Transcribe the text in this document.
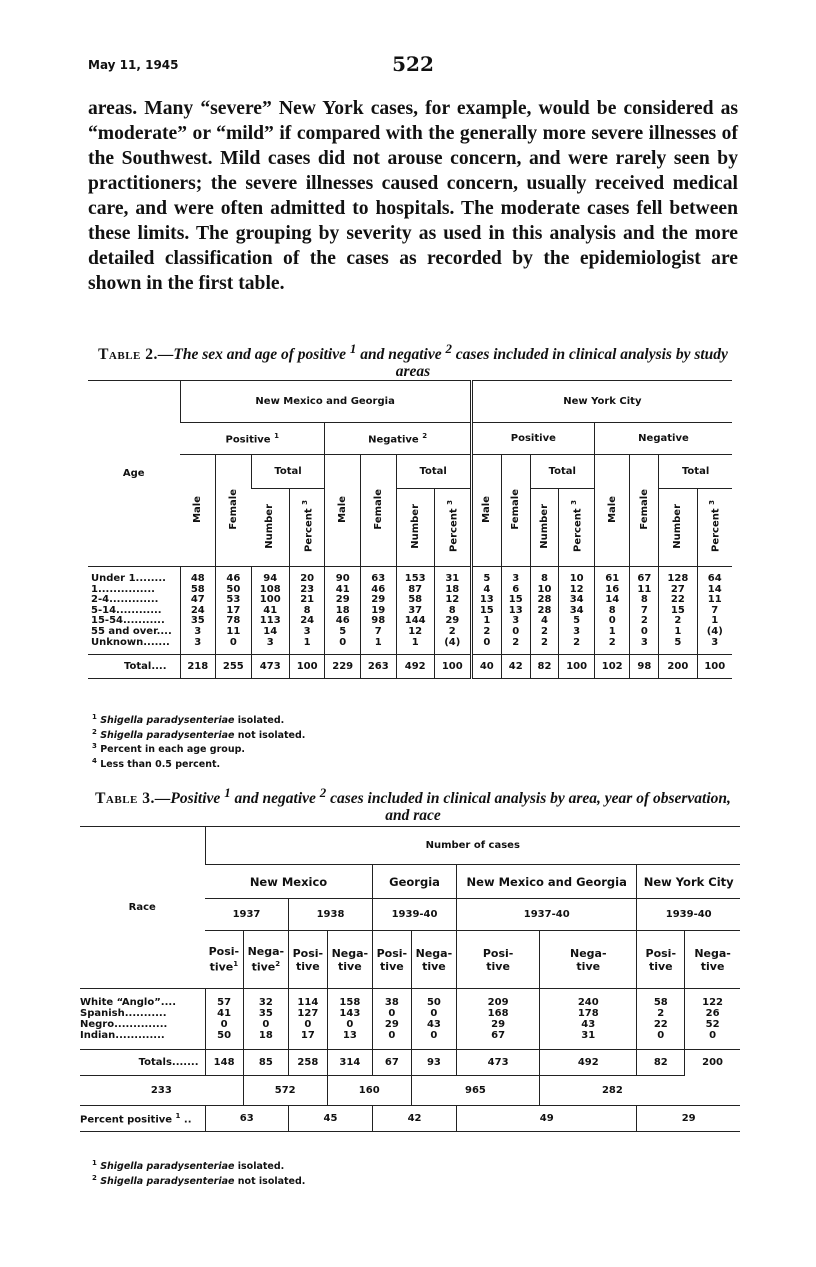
May 11, 1945	522

areas. Many “severe” New York cases, for example, would be considered as “moderate” or “mild” if compared with the generally more severe illnesses of the Southwest. Mild cases did not arouse concern, and were rarely seen by practitioners; the severe illnesses caused concern, usually received medical care, and were often admitted to hospitals. The moderate cases fell between these limits. The grouping by severity as used in this analysis and the more detailed classification of the cases as recorded by the epidemiologist are shown in the first table.

Table 2.—The sex and age of positive $^1$ and negative $^2$ cases included in clinical analysis by study areas
Age	New Mexico and Georgia								New York City							
	Positive $^1$				Negative $^2$				Positive				Negative			
	Male	Female	Total		Male	Female	Total		Male	Female	Total		Male	Female	Total	
			Number	Percent $^3$			Number	Percent $^3$			Number	Percent $^3$			Number	Percent $^3$
Under 1........	48	46	94	20	90	63	153	31	5	3	8	10	61	67	128	64
1...............	58	50	108	23	41	46	87	18	4	6	10	12	16	11	27	14
2-4.............	47	53	100	21	29	29	58	12	13	15	28	34	14	8	22	11
5-14............	24	17	41	8	18	19	37	8	15	13	28	34	8	7	15	7
15-54...........	35	78	113	24	46	98	144	29	1	3	4	5	0	2	2	1
55 and over....	3	11	14	3	5	7	12	2	2	0	2	3	1	0	1	(4)
Unknown.......	3	0	3	1	0	1	1	(4)	0	2	2	2	2	3	5	3
Total....	218	255	473	100	229	263	492	100	40	42	82	100	102	98	200	100
$^1$ Shigella paradysenteriae isolated.
$^2$ Shigella paradysenteriae not isolated.
$^3$ Percent in each age group.
$^4$ Less than 0.5 percent.
Table 3.—Positive $^1$ and negative $^2$ cases included in clinical analysis by area, year of observation, and race
Race	Number of cases									
	New Mexico				Georgia		New Mexico and Georgia		New York City	
	1937		1938		1939-40		1937-40		1939-40	
	Posi-
tive$^1$	Nega-
tive$^2$	Posi-
tive	Nega-
tive	Posi-
tive	Nega-
tive	Posi-
tive	Nega-
tive	Posi-
tive	Nega-
tive
White “Anglo”....	57	32	114	158	38	50	209	240	58	122
Spanish...........	41	35	127	143	0	0	168	178	2	26
Negro..............	0	0	0	0	29	43	29	43	22	52
Indian.............	50	18	17	13	0	0	67	31	0	0
Totals.......	148	85	258	314	67	93	473	492	82	200
233		572		160		965		282		
Percent positive $^1$ ..	63		45		42		49		29	
$^1$ Shigella paradysenteriae isolated.
$^2$ Shigella paradysenteriae not isolated.
